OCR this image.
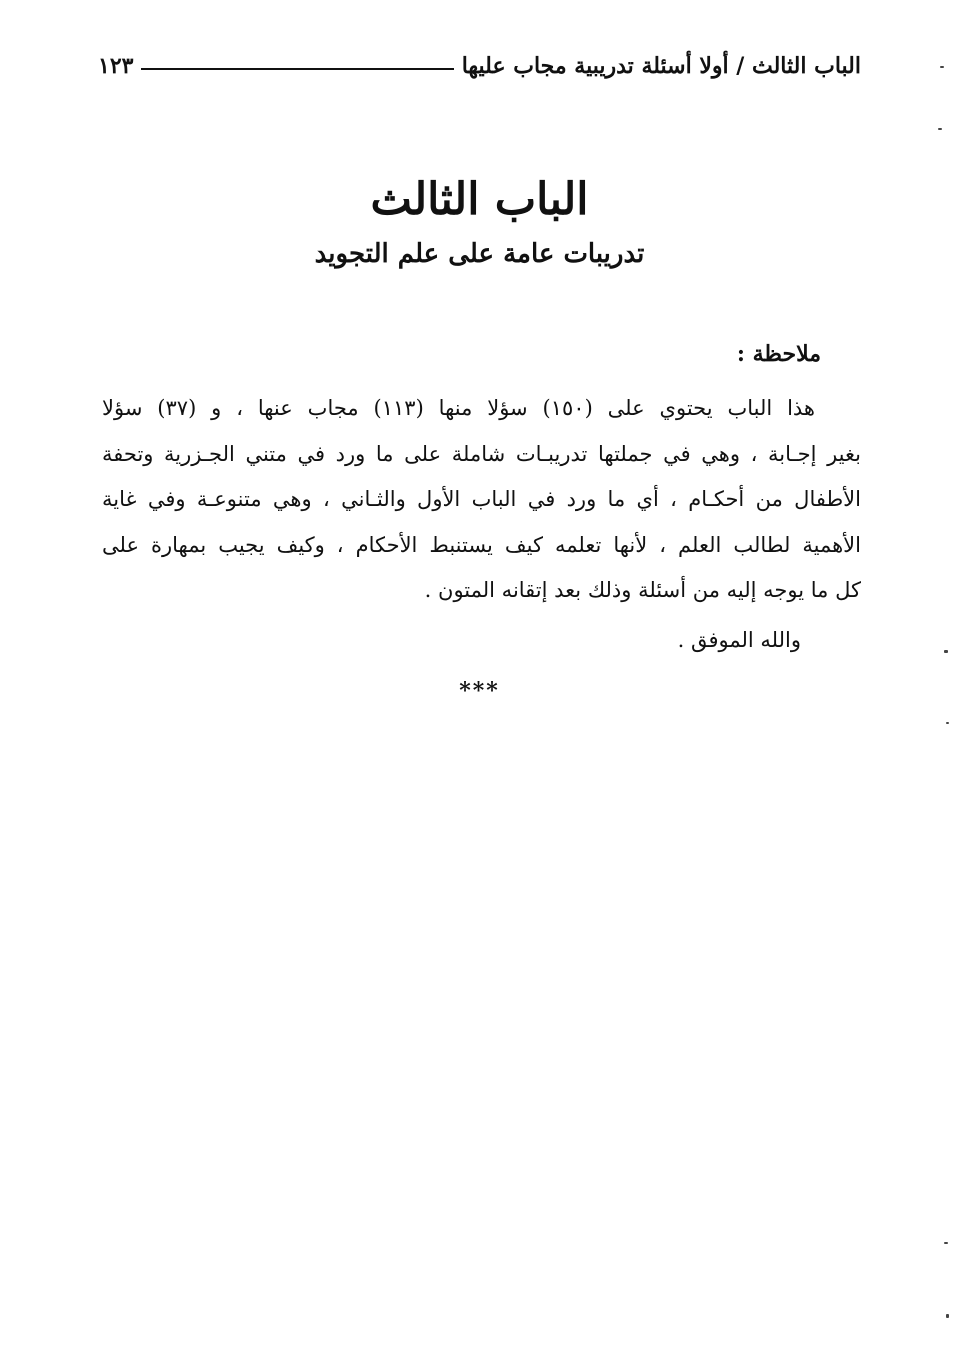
الباب الثالث / أولا أسئلة تدريبية مجاب عليها
١٢٣
الباب الثالث
تدريبات عامة على علم التجويد
ملاحظة :
هذا الباب يحتوي على (١٥٠) سؤلا منها (١١٣) مجاب عنها ، و (٣٧) سؤلا
بغير إجـابة ، وهي في جملتها تدريبـات شاملة على ما ورد في متني الجـزرية وتحفة
الأطفال من أحكـام ، أي ما ورد في الباب الأول والثـاني ، وهي متنوعـة وفي غاية
الأهمية لطالب العلم ، لأنها تعلمه كيف يستنبط الأحكام ، وكيف يجيب بمهارة على
كل ما يوجه إليه من أسئلة وذلك بعد إتقانه المتون .
والله الموفق .
***
